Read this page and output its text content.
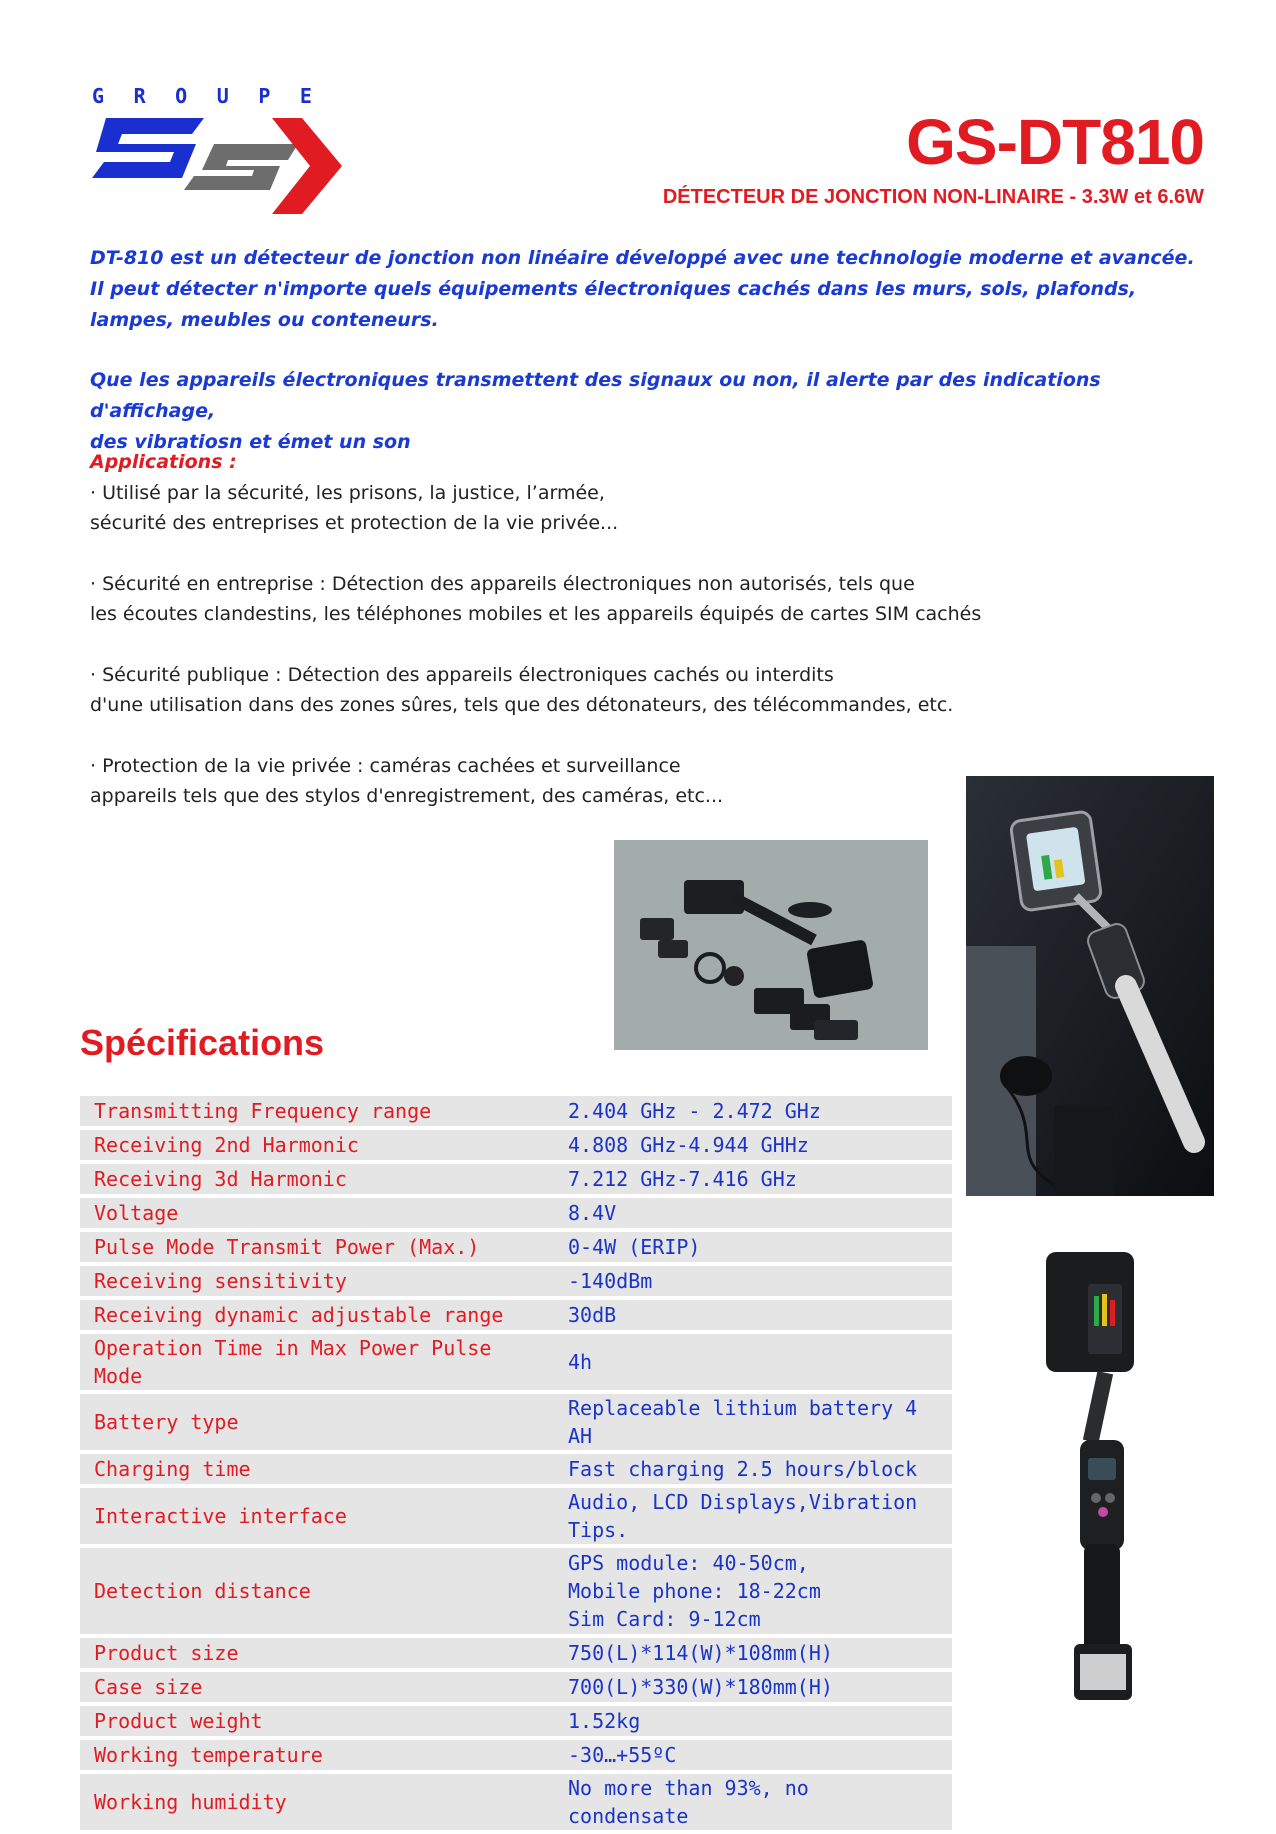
G R O U P E
GS-DT810
DÉTECTEUR DE JONCTION NON-LINAIRE - 3.3W et 6.6W

DT-810 est un détecteur de jonction non linéaire développé avec une technologie moderne et avancée.

Il peut détecter n'importe quels équipements électroniques cachés dans les murs, sols, plafonds,

lampes, meubles ou conteneurs.

Que les appareils électroniques transmettent des signaux ou non, il alerte par des indications d'affichage,

des vibratiosn et émet un son

Applications :

· Utilisé par la sécurité, les prisons, la justice, l’armée,

sécurité des entreprises et protection de la vie privée...

· Sécurité en entreprise : Détection des appareils électroniques non autorisés, tels que

les écoutes clandestins, les téléphones mobiles et les appareils équipés de cartes SIM cachés

· Sécurité publique : Détection des appareils électroniques cachés ou interdits

d'une utilisation dans des zones sûres, tels que des détonateurs, des télécommandes, etc.

· Protection de la vie privée : caméras cachées et surveillance

appareils tels que des stylos d'enregistrement, des caméras, etc...

Spécifications
Transmitting Frequency range	2.404 GHz - 2.472 GHz

Receiving 2nd Harmonic	4.808 GHz-4.944 GHHz

Receiving 3d Harmonic	7.212 GHz-7.416 GHz

Voltage	8.4V

Pulse Mode Transmit Power (Max.)	0-4W (ERIP)

Receiving sensitivity	-140dBm

Receiving dynamic adjustable range	30dB

Operation Time in Max Power Pulse Mode	4h

Battery type	Replaceable lithium battery 4 AH

Charging time	Fast charging 2.5 hours/block

Interactive interface	Audio, LCD Displays,Vibration Tips.

Detection distance	GPS module: 40-50cm,
Mobile phone: 18-22cm
Sim Card: 9-12cm

Product size	750(L)*114(W)*108mm(H)

Case size	700(L)*330(W)*180mm(H)

Product weight	1.52kg

Working temperature	-30…+55ºC

Working humidity	No more than 93%, no condensate
